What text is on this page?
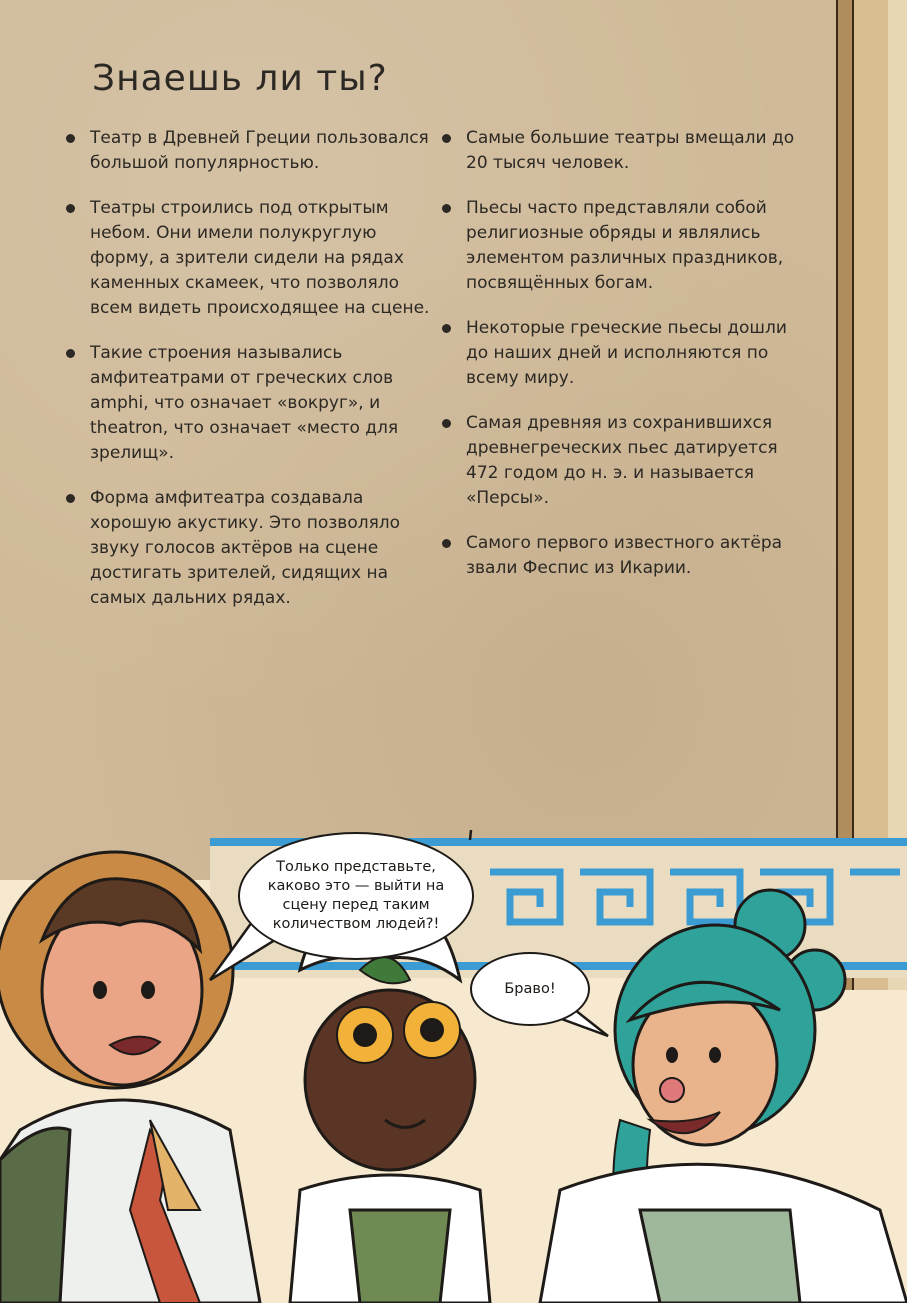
Знаешь ли ты?
Театр в Древней Греции пользовался большой популярностью.
Театры строились под открытым небом. Они имели полукруглую форму, а зрители сидели на рядах каменных скамеек, что позволяло всем видеть происходящее на сцене.
Такие строения назывались амфитеатрами от греческих слов amphi, что означает «вокруг», и theatron, что означает «место для зрелищ».
Форма амфитеатра создавала хорошую акустику. Это позволяло звуку голосов актёров на сцене достигать зрителей, сидящих на самых дальних рядах.
Самые большие театры вмещали до 20 тысяч человек.
Пьесы часто представляли собой религиозные обряды и являлись элементом различных праздников, посвящённых богам.
Некоторые греческие пьесы дошли до наших дней и исполняются по всему миру.
Самая древняя из сохранившихся древнегреческих пьес датируется 472 годом до н. э. и называется «Персы».
Самого первого известного актёра звали Феспис из Икарии.
Только представьте, каково это — выйти на сцену перед таким количеством людей?!
Браво!
